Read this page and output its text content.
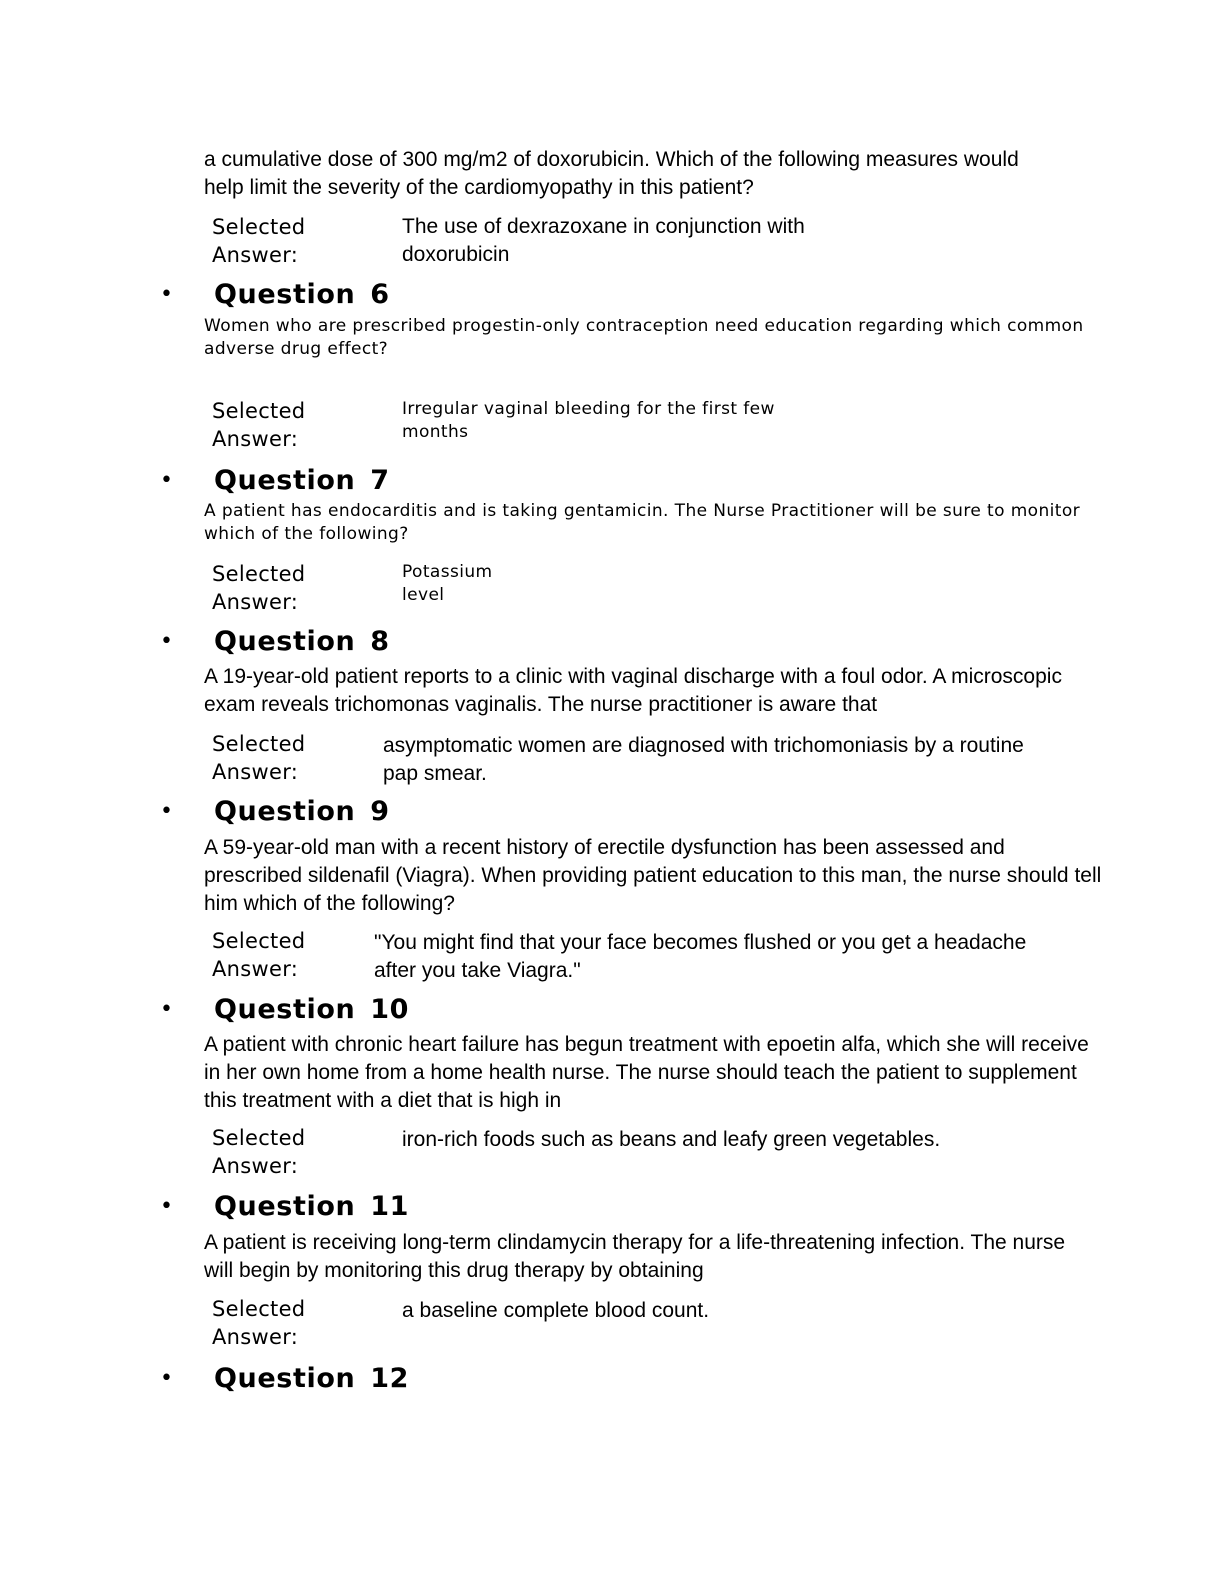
a cumulative dose of 300 mg/m2 of doxorubicin. Which of the following measures would help limit the severity of the cardiomyopathy in this patient?
Selected
Answer:
The use of dexrazoxane in conjunction with doxorubicin
• Question 6
Women who are prescribed progestin-only contraception need education regarding which common adverse drug effect?
Selected
Answer:
Irregular vaginal bleeding for the first few months
• Question 7
A patient has endocarditis and is taking gentamicin. The Nurse Practitioner will be sure to monitor which of the following?
Selected
Answer:
Potassium level
• Question 8
A 19-year-old patient reports to a clinic with vaginal discharge with a foul odor. A microscopic exam reveals trichomonas vaginalis. The nurse practitioner is aware that
Selected
Answer:
asymptomatic women are diagnosed with trichomoniasis by a routine pap smear.
• Question 9
A 59-year-old man with a recent history of erectile dysfunction has been assessed and prescribed sildenafil (Viagra). When providing patient education to this man, the nurse should tell him which of the following?
Selected
Answer:
"You might find that your face becomes flushed or you get a headache after you take Viagra."
• Question 10
A patient with chronic heart failure has begun treatment with epoetin alfa, which she will receive in her own home from a home health nurse. The nurse should teach the patient to supplement this treatment with a diet that is high in
Selected
Answer:
iron-rich foods such as beans and leafy green vegetables.
• Question 11
A patient is receiving long-term clindamycin therapy for a life-threatening infection. The nurse will begin by monitoring this drug therapy by obtaining
Selected
Answer:
a baseline complete blood count.
• Question 12
